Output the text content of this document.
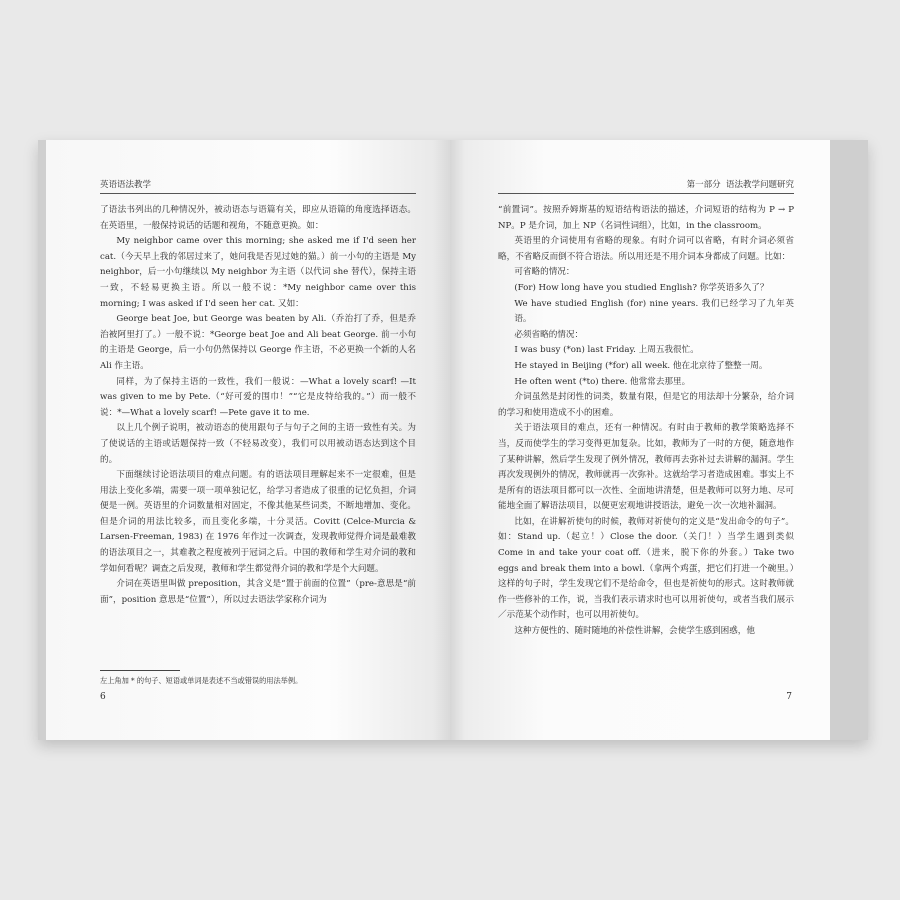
英语语法教学

了语法书列出的几种情况外，被动语态与语篇有关，即应从语篇的角度选择语态。在英语里，一般保持说话的话题和视角，不随意更换。如：

My neighbor came over this morning; she asked me if I'd seen her cat.（今天早上我的邻居过来了，她问我是否见过她的猫。）前一小句的主语是 My neighbor，后一小句继续以 My neighbor 为主语（以代词 she 替代），保持主语一致，不轻易更换主语。所以一般不说：*My neighbor came over this morning; I was asked if I'd seen her cat. 又如：

George beat Joe, but George was beaten by Ali.（乔治打了乔，但是乔治被阿里打了。）一般不说：*George beat Joe and Ali beat George. 前一小句的主语是 George，后一小句仍然保持以 George 作主语，不必更换一个新的人名 Ali 作主语。

同样，为了保持主语的一致性，我们一般说：—What a lovely scarf! —It was given to me by Pete.（“好可爱的围巾！”“它是皮特给我的。”）而一般不说：*—What a lovely scarf! —Pete gave it to me.

以上几个例子说明，被动语态的使用跟句子与句子之间的主语一致性有关。为了使说话的主语或话题保持一致（不轻易改变），我们可以用被动语态达到这个目的。

下面继续讨论语法项目的难点问题。有的语法项目理解起来不一定很难，但是用法上变化多端，需要一项一项单独记忆，给学习者造成了很重的记忆负担，介词便是一例。英语里的介词数量相对固定，不像其他某些词类，不断地增加、变化。但是介词的用法比较多，而且变化多端，十分灵活。Covitt (Celce-Murcia & Larsen-Freeman, 1983) 在 1976 年作过一次调查，发现教师觉得介词是最难教的语法项目之一，其难教之程度被列于冠词之后。中国的教师和学生对介词的教和学如何看呢？调查之后发现，教师和学生都觉得介词的教和学是个大问题。

介词在英语里叫做 preposition，其含义是“置于前面的位置”（pre-意思是“前面”，position 意思是“位置”），所以过去语法学家称介词为

左上角加 * 的句子、短语或单词是表述不当或错误的用法举例。
6
第一部分 语法教学问题研究

“前置词”。按照乔姆斯基的短语结构语法的描述，介词短语的结构为 P → P NP。P 是介词，加上 NP（名词性词组），比如，in the classroom。

英语里的介词使用有省略的现象。有时介词可以省略，有时介词必须省略，不省略反而倒不符合语法。所以用还是不用介词本身都成了问题。比如：

可省略的情况：

(For) How long have you studied English? 你学英语多久了？

We have studied English (for) nine years. 我们已经学习了九年英语。

必须省略的情况：

I was busy (*on) last Friday. 上周五我很忙。

He stayed in Beijing (*for) all week. 他在北京待了整整一周。

He often went (*to) there. 他常常去那里。

介词虽然是封闭性的词类，数量有限，但是它的用法却十分繁杂，给介词的学习和使用造成不小的困难。

关于语法项目的难点，还有一种情况。有时由于教师的教学策略选择不当，反而使学生的学习变得更加复杂。比如，教师为了一时的方便，随意地作了某种讲解，然后学生发现了例外情况，教师再去弥补过去讲解的漏洞。学生再次发现例外的情况，教师就再一次弥补。这就给学习者造成困难。事实上不是所有的语法项目都可以一次性、全面地讲清楚，但是教师可以努力地、尽可能地全面了解语法项目，以便更宏观地讲授语法，避免一次一次地补漏洞。

比如，在讲解祈使句的时候，教师对祈使句的定义是“发出命令的句子”。如：Stand up.（起立！）Close the door.（关门！）当学生遇到类似 Come in and take your coat off.（进来，脱下你的外套。）Take two eggs and break them into a bowl.（拿两个鸡蛋，把它们打进一个碗里。）这样的句子时，学生发现它们不是给命令，但也是祈使句的形式。这时教师就作一些修补的工作，说，当我们表示请求时也可以用祈使句，或者当我们展示／示范某个动作时，也可以用祈使句。

这种方便性的、随时随地的补偿性讲解，会使学生感到困惑，他

7
